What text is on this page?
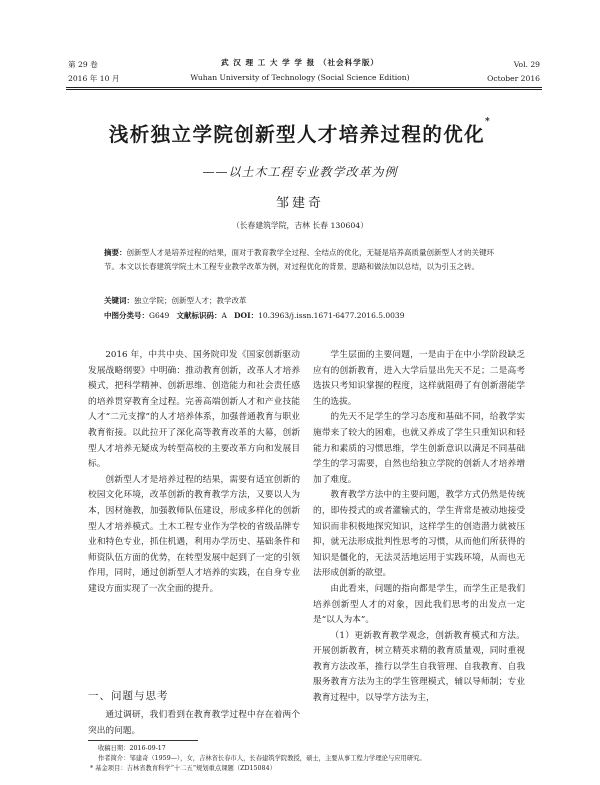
第 29 卷
2016 年 10 月
武 汉 理 工 大 学 学 报 （社会科学版）
Wuhan University of Technology (Social Science Edition)
Vol. 29
October 2016
浅析独立学院创新型人才培养过程的优化*
——以土木工程专业教学改革为例
邹建奇
（长春建筑学院，吉林 长春 130604）

摘要：创新型人才是培养过程的结果，面对于教育教学全过程、全结点的优化，无疑是培养高质量创新型人才的关键环节。本文以长春建筑学院土木工程专业教学改革为例，对过程优化的背景、思路和做法加以总结，以为引玉之砖。

关键词：独立学院；创新型人才；教学改革
中图分类号：G649 文献标识码：A DOI：10.3963/j.issn.1671-6477.2016.5.0039

2016 年，中共中央、国务院印发《国家创新驱动发展战略纲要》中明确：推动教育创新，改革人才培养模式，把科学精神、创新思维、创造能力和社会责任感的培养贯穿教育全过程。完善高端创新人才和产业技能人才“二元支撑”的人才培养体系，加强普通教育与职业教育衔接。以此拉开了深化高等教育改革的大幕，创新型人才培养无疑成为转型高校的主要改革方向和发展目标。

创新型人才是培养过程的结果，需要有适宜创新的校园文化环境，改革创新的教育教学方法，又要以人为本，因材施教，加强教师队伍建设，形成多样化的创新型人才培养模式。土木工程专业作为学校的省级品牌专业和特色专业，抓住机遇，利用办学历史、基础条件和师资队伍方面的优势，在转型发展中起到了一定的引领作用，同时，通过创新型人才培养的实践，在自身专业建设方面实现了一次全面的提升。

一、问题与思考

通过调研，我们看到在教育教学过程中存在着两个突出的问题。

学生层面的主要问题，一是由于在中小学阶段缺乏应有的创新教育，进入大学后显出先天不足；二是高考选拔只考知识掌握的程度，这样就阻碍了有创新潜能学生的选拔。

的先天不足学生的学习态度和基础不同，给教学实施带来了较大的困难，也就又养成了学生只重知识和轻能力和素质的习惯思维，学生创新意识以满足不同基础学生的学习需要，自然也给独立学院的创新人才培养增加了难度。

教育教学方法中的主要问题，教学方式仍然是传统的，即传授式的或者灌输式的，学生背常是被动地接受知识而非积极地探究知识，这样学生的创造潜力就被压抑，就无法形成批判性思考的习惯，从而他们所获得的知识是僵化的，无法灵活地运用于实践环境，从而也无法形成创新的欲望。

由此看来，问题的指向都是学生，而学生正是我们培养创新型人才的对象，因此我们思考的出发点一定是“以人为本”。

（1）更新教育教学观念，创新教育模式和方法。开展创新教育，树立精英求精的教育质量观，同时重视教育方法改革，推行以学生自我管理、自我教育、自我服务教育方法为主的学生管理模式，辅以导师制；专业教育过程中，以导学方法为主，

收稿日期：2016-09-17
作者简介：邹建奇（1959—），女，吉林省长春市人，长春建筑学院教授，硕士，主要从事工程力学理论与应用研究。
* 基金项目：吉林省教育科学“十二五”规划重点课题（ZD15084）
